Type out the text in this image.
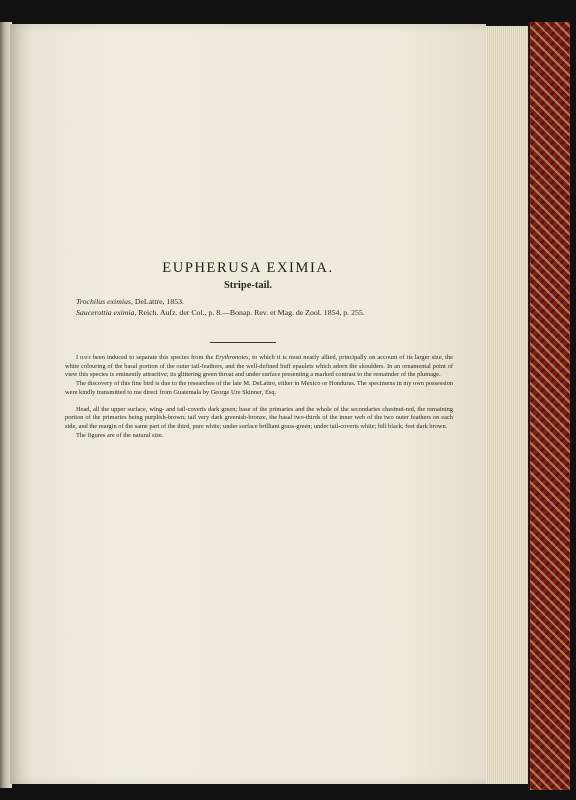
EUPHERUSA EXIMIA.
Stripe-tail.
Trochilus eximius, DeLattre, 1853.
Saucerottia eximia, Reich. Aufz. der Col., p. 8.—Bonap. Rev. et Mag. de Zool. 1854, p. 255.

I have been induced to separate this species from the Erythronotes, to which it is most nearly allied, principally on account of its larger size, the white colouring of the basal portion of the outer tail-feathers, and the well-defined buff epaulets which adorn the shoulders. In an ornamental point of view this species is eminently attractive; its glittering green throat and under surface presenting a marked contrast to the remainder of the plumage.

The discovery of this fine bird is due to the researches of the late M. DeLattre, either in Mexico or Honduras. The specimens in my own possession were kindly transmitted to me direct from Guatemala by George Ure Skinner, Esq.

Head, all the upper surface, wing- and tail-coverts dark green; base of the primaries and the whole of the secondaries chestnut-red, the remaining portion of the primaries being purplish-brown; tail very dark greenish-bronze, the basal two-thirds of the inner web of the two outer feathers on each side, and the margin of the same part of the third, pure white; under surface brilliant grass-green; under tail-coverts white; bill black; feet dark brown.

The figures are of the natural size.
